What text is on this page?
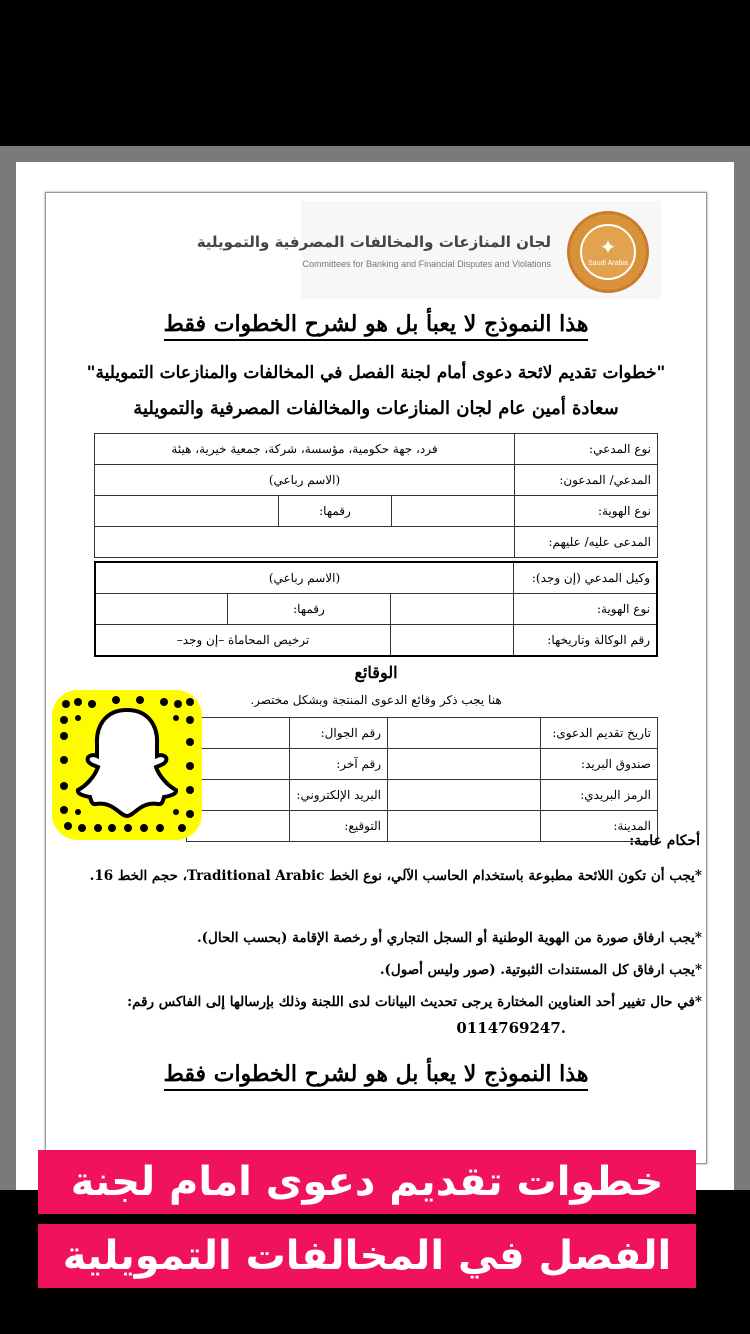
✦
Saudi Arabia
لجان المنازعات والمخالفات المصرفية والتمويلية
Committees for Banking and Financial Disputes and Violations
هذا النموذج لا يعبأ بل هو لشرح الخطوات فقط
"خطوات تقديم لائحة دعوى أمام لجنة الفصل في المخالفات والمنازعات التمويلية"
سعادة أمين عام لجان المنازعات والمخالفات المصرفية والتمويلية
نوع المدعي:	فرد، جهة حكومية، مؤسسة، شركة، جمعية خيرية، هيئة		
المدعي/ المدعون:	(الاسم رباعي)		
نوع الهوية:		رقمها:	
المدعى عليه/ عليهم:			
وكيل المدعي (إن وجد):	(الاسم رباعي)		
نوع الهوية:		رقمها:	
رقم الوكالة وتاريخها:		ترخيص المحاماة –إن وجد–	
الوقائع
هنا يجب ذكر وقائع الدعوى المنتجة وبشكل مختصر.
تاريخ تقديم الدعوى:		رقم الجوال:	
صندوق البريد:		رقم آخر:	
الرمز البريدي:		البريد الإلكتروني:	
المدينة:		التوقيع:	
أحكام عامة:
*يجب أن تكون اللائحة مطبوعة باستخدام الحاسب الآلي، نوع الخط Traditional Arabic، حجم الخط 16.
*يجب ارفاق صورة من الهوية الوطنية أو السجل التجاري أو رخصة الإقامة (بحسب الحال).
*يجب ارفاق كل المستندات الثبوتية. (صور وليس أصول).
*في حال تغيير أحد العناوين المختارة يرجى تحديث البيانات لدى اللجنة وذلك بإرسالها إلى الفاكس رقم:
0114769247.
هذا النموذج لا يعبأ بل هو لشرح الخطوات فقط
خطوات تقديم دعوى امام لجنة
الفصل في المخالفات التمويلية
